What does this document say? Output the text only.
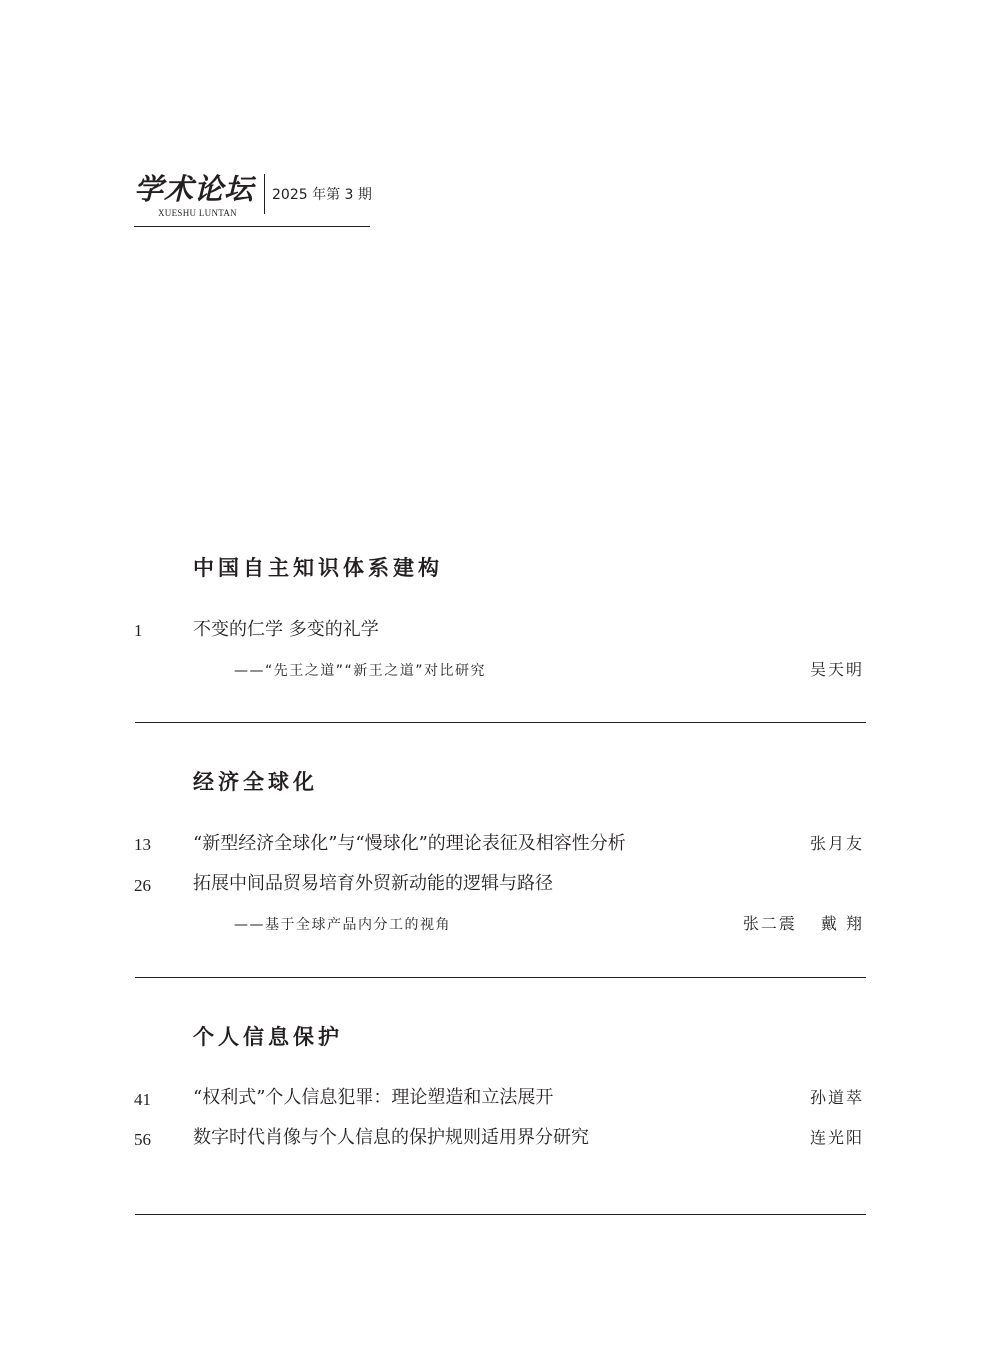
学术论坛
XUESHU LUNTAN
2025 年第 3 期
中国自主知识体系建构
1	不变的仁学 多变的礼学
——“先王之道”“新王之道”对比研究	吴天明
经济全球化
13 “新型经济全球化”与“慢球化”的理论表征及相容性分析	张月友
26 拓展中间品贸易培育外贸新动能的逻辑与路径
——基于全球产品内分工的视角	张二震 戴 翔
个人信息保护
41 “权利式”个人信息犯罪：理论塑造和立法展开	孙道萃
56 数字时代肖像与个人信息的保护规则适用界分研究	连光阳
